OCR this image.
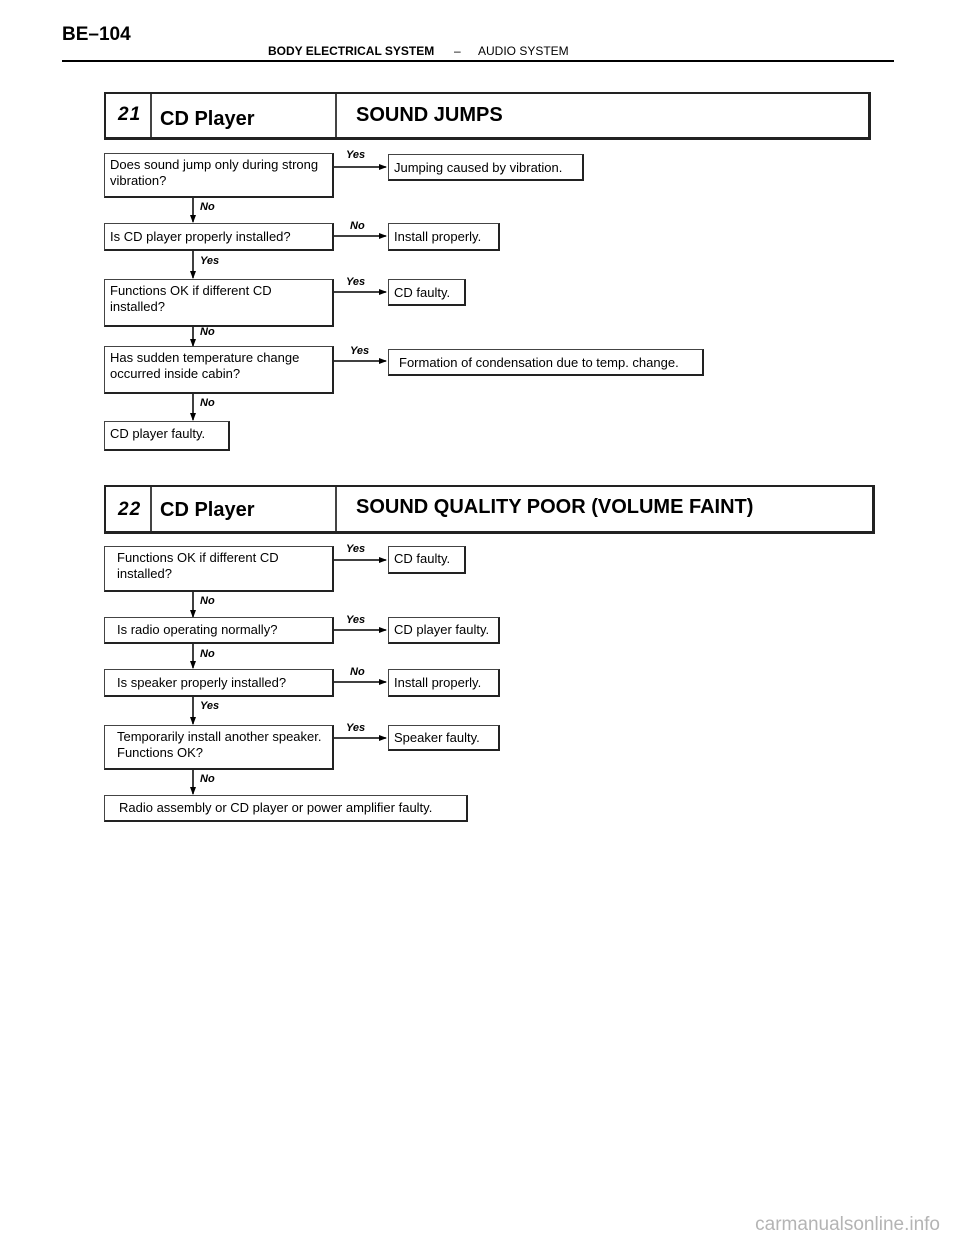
BE–104
BODY ELECTRICAL SYSTEM – AUDIO SYSTEM
21 CD Player	SOUND JUMPS
Does sound jump only during strong vibration?
Jumping caused by vibration.
Yes
No
Is CD player properly installed?	Install properly.
No
Yes
Functions OK if different CD installed?
CD faulty.
Yes
No
Has sudden temperature change occurred inside cabin?
Formation of condensation due to temp. change.
Yes
No
CD player faulty.
22 CD Player	SOUND QUALITY POOR (VOLUME FAINT)
Functions OK if different CD installed?
CD faulty.
Yes
No
Is radio operating normally?	CD player faulty.
Yes
No
Is speaker properly installed?	Install properly.
No
Yes
Temporarily install another speaker. Functions OK?
Speaker faulty.
Yes
No
Radio assembly or CD player or power amplifier faulty.
carmanualsonline.info
